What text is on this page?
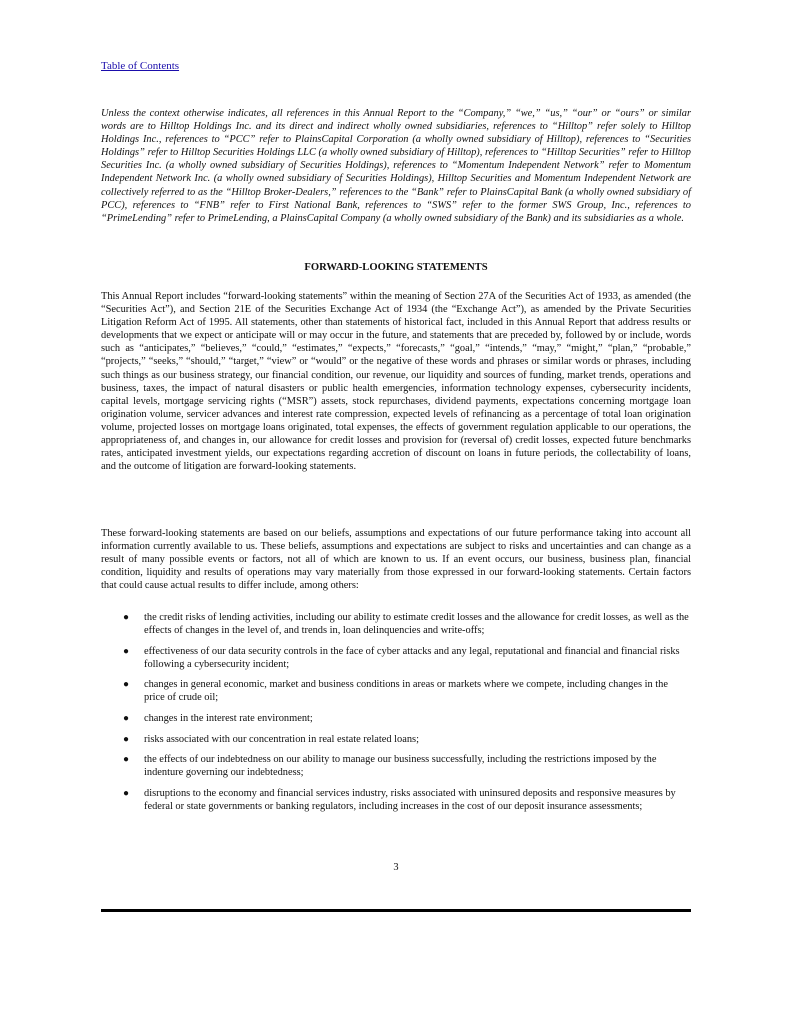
Table of Contents

Unless the context otherwise indicates, all references in this Annual Report to the “Company,” “we,” “us,” “our” or “ours” or similar words are to Hilltop Holdings Inc. and its direct and indirect wholly owned subsidiaries, references to “Hilltop” refer solely to Hilltop Holdings Inc., references to “PCC” refer to PlainsCapital Corporation (a wholly owned subsidiary of Hilltop), references to “Securities Holdings” refer to Hilltop Securities Holdings LLC (a wholly owned subsidiary of Hilltop), references to “Hilltop Securities” refer to Hilltop Securities Inc. (a wholly owned subsidiary of Securities Holdings), references to “Momentum Independent Network” refer to Momentum Independent Network Inc. (a wholly owned subsidiary of Securities Holdings), Hilltop Securities and Momentum Independent Network are collectively referred to as the “Hilltop Broker-Dealers,” references to the “Bank” refer to PlainsCapital Bank (a wholly owned subsidiary of PCC), references to “FNB” refer to First National Bank, references to “SWS” refer to the former SWS Group, Inc., references to “PrimeLending” refer to PrimeLending, a PlainsCapital Company (a wholly owned subsidiary of the Bank) and its subsidiaries as a whole.

FORWARD-LOOKING STATEMENTS

This Annual Report includes “forward-looking statements” within the meaning of Section 27A of the Securities Act of 1933, as amended (the “Securities Act”), and Section 21E of the Securities Exchange Act of 1934 (the “Exchange Act”), as amended by the Private Securities Litigation Reform Act of 1995. All statements, other than statements of historical fact, included in this Annual Report that address results or developments that we expect or anticipate will or may occur in the future, and statements that are preceded by, followed by or include, words such as “anticipates,” “believes,” “could,” “estimates,” “expects,” “forecasts,” “goal,” “intends,” “may,” “might,” “plan,” “probable,” “projects,” “seeks,” “should,” “target,” “view” or “would” or the negative of these words and phrases or similar words or phrases, including such things as our business strategy, our financial condition, our revenue, our liquidity and sources of funding, market trends, operations and business, taxes, the impact of natural disasters or public health emergencies, information technology expenses, cybersecurity incidents, capital levels, mortgage servicing rights (“MSR”) assets, stock repurchases, dividend payments, expectations concerning mortgage loan origination volume, servicer advances and interest rate compression, expected levels of refinancing as a percentage of total loan origination volume, projected losses on mortgage loans originated, total expenses, the effects of government regulation applicable to our operations, the appropriateness of, and changes in, our allowance for credit losses and provision for (reversal of) credit losses, expected future benchmarks rates, anticipated investment yields, our expectations regarding accretion of discount on loans in future periods, the collectability of loans, and the outcome of litigation are forward-looking statements.

These forward-looking statements are based on our beliefs, assumptions and expectations of our future performance taking into account all information currently available to us. These beliefs, assumptions and expectations are subject to risks and uncertainties and can change as a result of many possible events or factors, not all of which are known to us. If an event occurs, our business, business plan, financial condition, liquidity and results of operations may vary materially from those expressed in our forward-looking statements. Certain factors that could cause actual results to differ include, among others:

● the credit risks of lending activities, including our ability to estimate credit losses and the allowance for credit losses, as well as the effects of changes in the level of, and trends in, loan delinquencies and write-offs;
● effectiveness of our data security controls in the face of cyber attacks and any legal, reputational and financial and financial risks following a cybersecurity incident;
● changes in general economic, market and business conditions in areas or markets where we compete, including changes in the price of crude oil;
● changes in the interest rate environment;
● risks associated with our concentration in real estate related loans;
● the effects of our indebtedness on our ability to manage our business successfully, including the restrictions imposed by the indenture governing our indebtedness;
● disruptions to the economy and financial services industry, risks associated with uninsured deposits and responsive measures by federal or state governments or banking regulators, including increases in the cost of our deposit insurance assessments;

3
